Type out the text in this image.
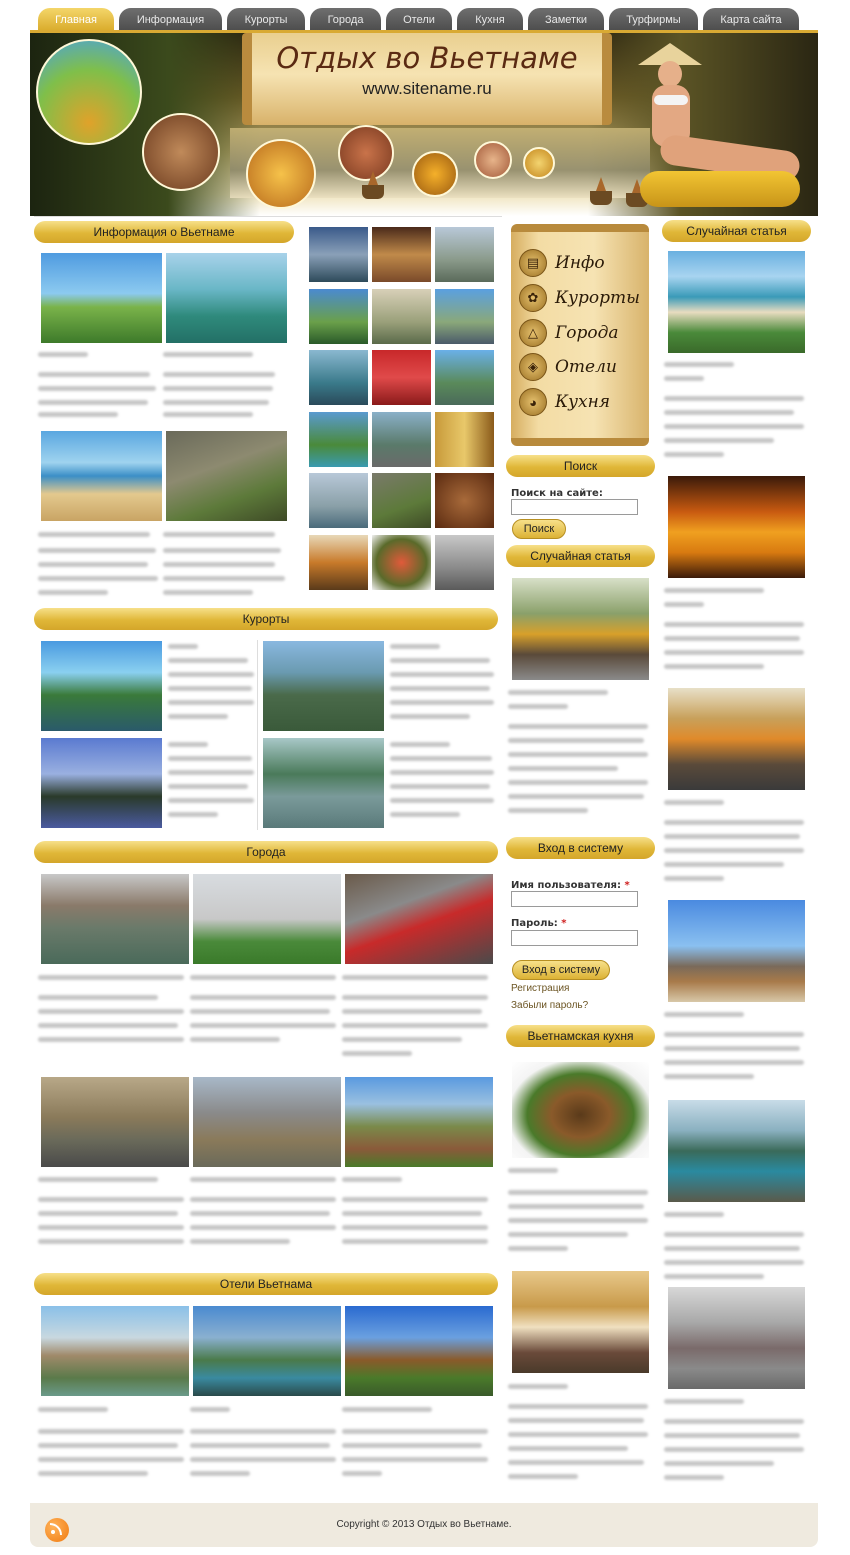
Главная	Информация	Курорты	Города	Отели	Кухня	Заметки	Турфирмы	Карта сайта
Отдых во Вьетнаме
www.sitename.ru
Информация о Вьетнаме
Курорты
Города
Отели Вьетнама
▤ Инфо
✿ Курорты
△	Города
◈	Отели
◕	Кухня
Поиск
Поиск на сайте:
Поиск
Случайная статья
Вход в систему
Имя пользователя: *
Пароль: *
Вход в систему
Регистрация
Забыли пароль?
Вьетнамская кухня
Случайная статья
Copyright © 2013 Отдых во Вьетнаме.
